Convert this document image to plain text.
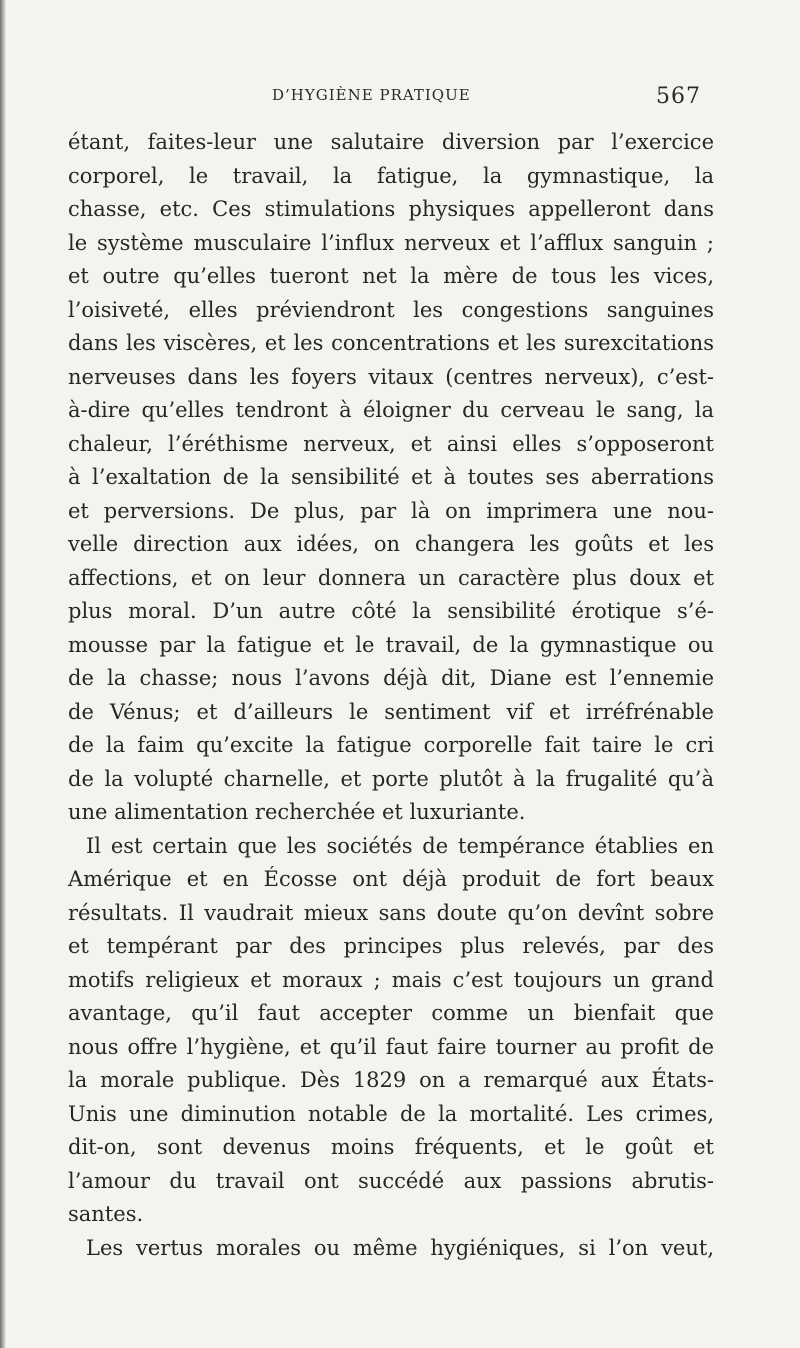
D’HYGIÈNE PRATIQUE	567
étant, faites-leur une salutaire diversion par l’exercice
corporel, le travail, la fatigue, la gymnastique, la
chasse, etc. Ces stimulations physiques appelleront dans
le système musculaire l’influx nerveux et l’afflux sanguin ;
et outre qu’elles tueront net la mère de tous les vices,
l’oisiveté, elles préviendront les congestions sanguines
dans les viscères, et les concentrations et les surexcitations
nerveuses dans les foyers vitaux (centres nerveux), c’est-
à-dire qu’elles tendront à éloigner du cerveau le sang, la
chaleur, l’éréthisme nerveux, et ainsi elles s’opposeront
à l’exaltation de la sensibilité et à toutes ses aberrations
et perversions. De plus, par là on imprimera une nou-
velle direction aux idées, on changera les goûts et les
affections, et on leur donnera un caractère plus doux et
plus moral. D’un autre côté la sensibilité érotique s’é-
mousse par la fatigue et le travail, de la gymnastique ou
de la chasse; nous l’avons déjà dit, Diane est l’ennemie
de Vénus; et d’ailleurs le sentiment vif et irréfrénable
de la faim qu’excite la fatigue corporelle fait taire le cri
de la volupté charnelle, et porte plutôt à la frugalité qu’à
une alimentation recherchée et luxuriante.
Il est certain que les sociétés de tempérance établies en
Amérique et en Écosse ont déjà produit de fort beaux
résultats. Il vaudrait mieux sans doute qu’on devînt sobre
et tempérant par des principes plus relevés, par des
motifs religieux et moraux ; mais c’est toujours un grand
avantage, qu’il faut accepter comme un bienfait que
nous offre l’hygiène, et qu’il faut faire tourner au profit de
la morale publique. Dès 1829 on a remarqué aux États-
Unis une diminution notable de la mortalité. Les crimes,
dit-on, sont devenus moins fréquents, et le goût et
l’amour du travail ont succédé aux passions abrutis-
santes.
Les vertus morales ou même hygiéniques, si l’on veut,
